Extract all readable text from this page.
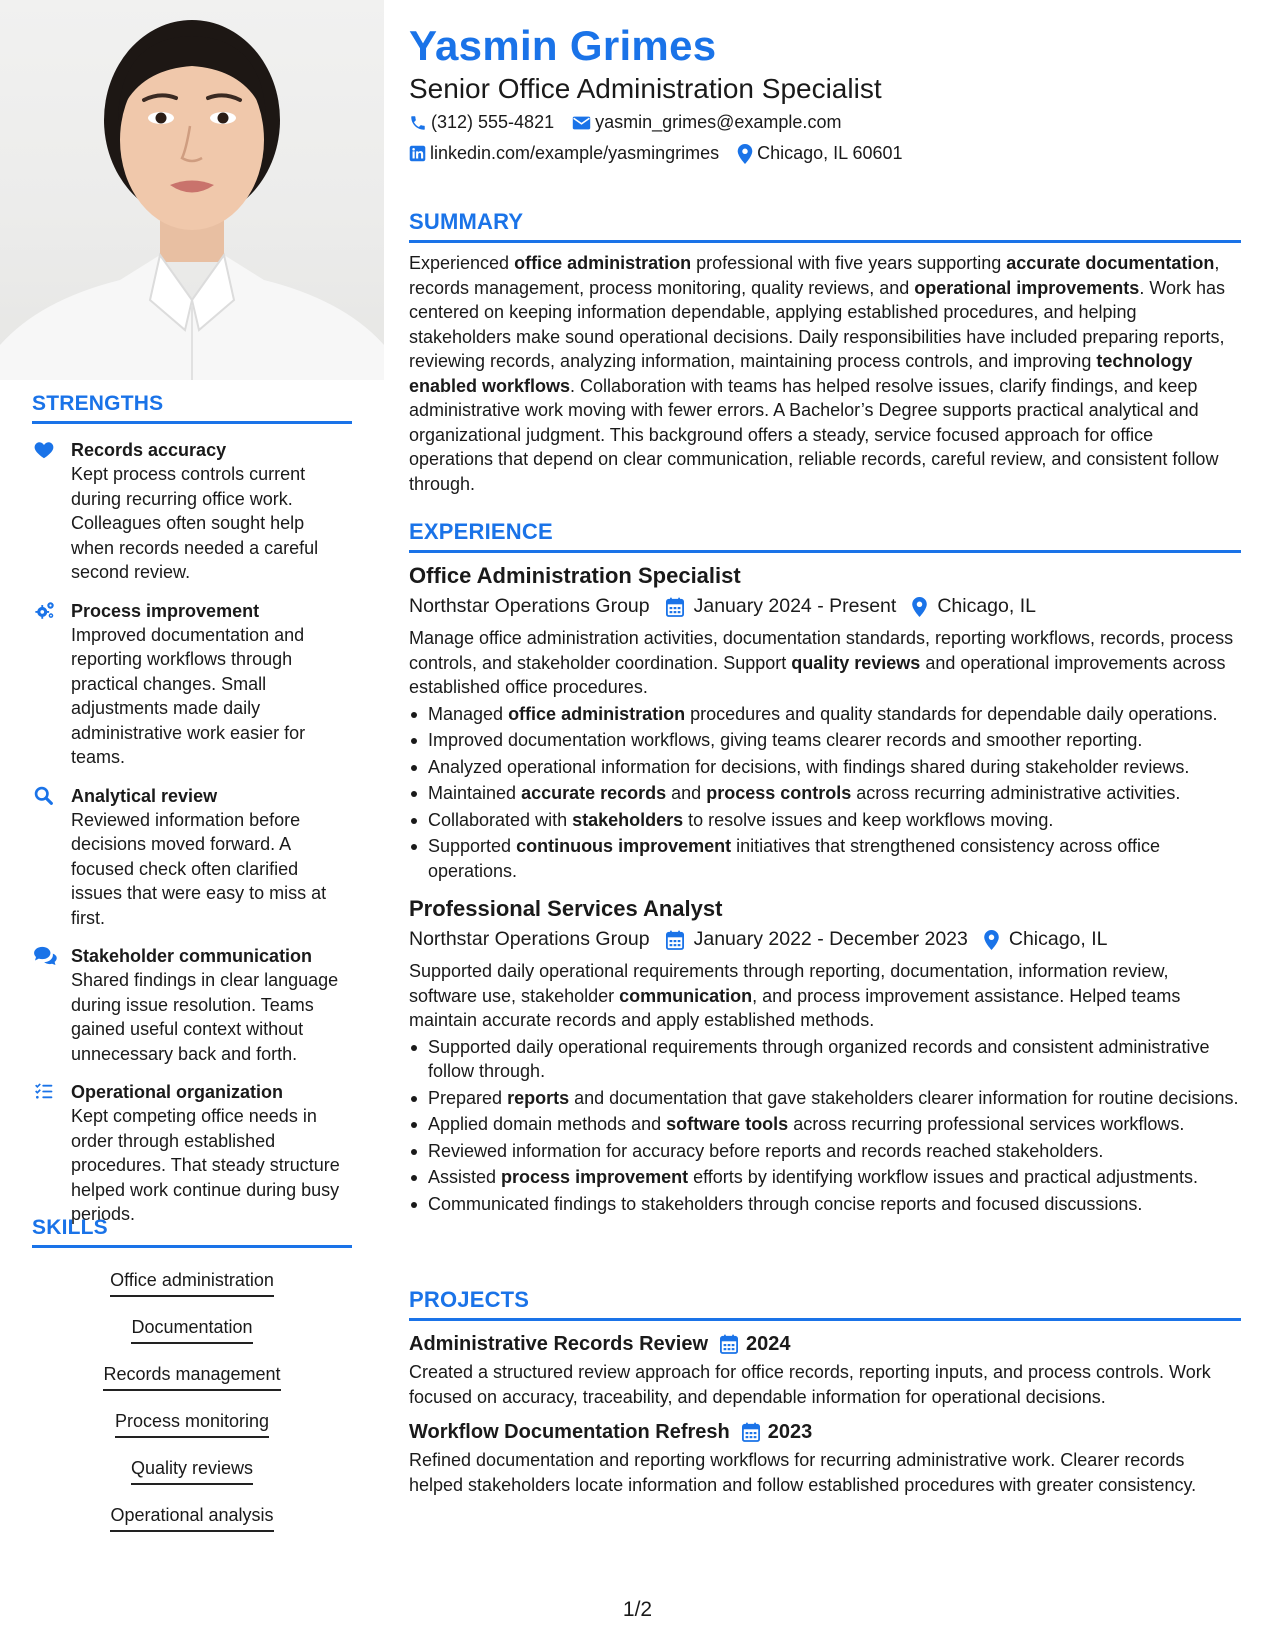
STRENGTHS
Records accuracy
Kept process controls current during recurring office work. Colleagues often sought help when records needed a careful second review.
Process improvement
Improved documentation and reporting workflows through practical changes. Small adjustments made daily administrative work easier for teams.
Analytical review
Reviewed information before decisions moved forward. A focused check often clarified issues that were easy to miss at first.
Stakeholder communication
Shared findings in clear language during issue resolution. Teams gained useful context without unnecessary back and forth.
Operational organization
Kept competing office needs in order through established procedures. That steady structure helped work continue during busy periods.
SKILLS
Office administration
Documentation
Records management
Process monitoring
Quality reviews
Operational analysis
Yasmin Grimes
Senior Office Administration Specialist
(312) 555-4821 yasmin_grimes@example.com
linkedin.com/example/yasmingrimes Chicago, IL 60601
SUMMARY
Experienced office administration professional with five years supporting accurate documentation, records management, process monitoring, quality reviews, and operational improvements. Work has centered on keeping information dependable, applying established procedures, and helping stakeholders make sound operational decisions. Daily responsibilities have included preparing reports, reviewing records, analyzing information, maintaining process controls, and improving technology enabled workflows. Collaboration with teams has helped resolve issues, clarify findings, and keep administrative work moving with fewer errors. A Bachelor’s Degree supports practical analytical and organizational judgment. This background offers a steady, service focused approach for office operations that depend on clear communication, reliable records, careful review, and consistent follow through.
EXPERIENCE
Office Administration Specialist
Northstar Operations Group January 2024 - Present Chicago, IL
Manage office administration activities, documentation standards, reporting workflows, records, process controls, and stakeholder coordination. Support quality reviews and operational improvements across established office procedures.
Managed office administration procedures and quality standards for dependable daily operations.
Improved documentation workflows, giving teams clearer records and smoother reporting.
Analyzed operational information for decisions, with findings shared during stakeholder reviews.
Maintained accurate records and process controls across recurring administrative activities.
Collaborated with stakeholders to resolve issues and keep workflows moving.
Supported continuous improvement initiatives that strengthened consistency across office operations.
Professional Services Analyst
Northstar Operations Group January 2022 - December 2023 Chicago, IL
Supported daily operational requirements through reporting, documentation, information review, software use, stakeholder communication, and process improvement assistance. Helped teams maintain accurate records and apply established methods.
Supported daily operational requirements through organized records and consistent administrative follow through.
Prepared reports and documentation that gave stakeholders clearer information for routine decisions.
Applied domain methods and software tools across recurring professional services workflows.
Reviewed information for accuracy before reports and records reached stakeholders.
Assisted process improvement efforts by identifying workflow issues and practical adjustments.
Communicated findings to stakeholders through concise reports and focused discussions.
PROJECTS
Administrative Records Review 2024
Created a structured review approach for office records, reporting inputs, and process controls. Work focused on accuracy, traceability, and dependable information for operational decisions.
Workflow Documentation Refresh 2023
Refined documentation and reporting workflows for recurring administrative work. Clearer records helped stakeholders locate information and follow established procedures with greater consistency.
1/2
